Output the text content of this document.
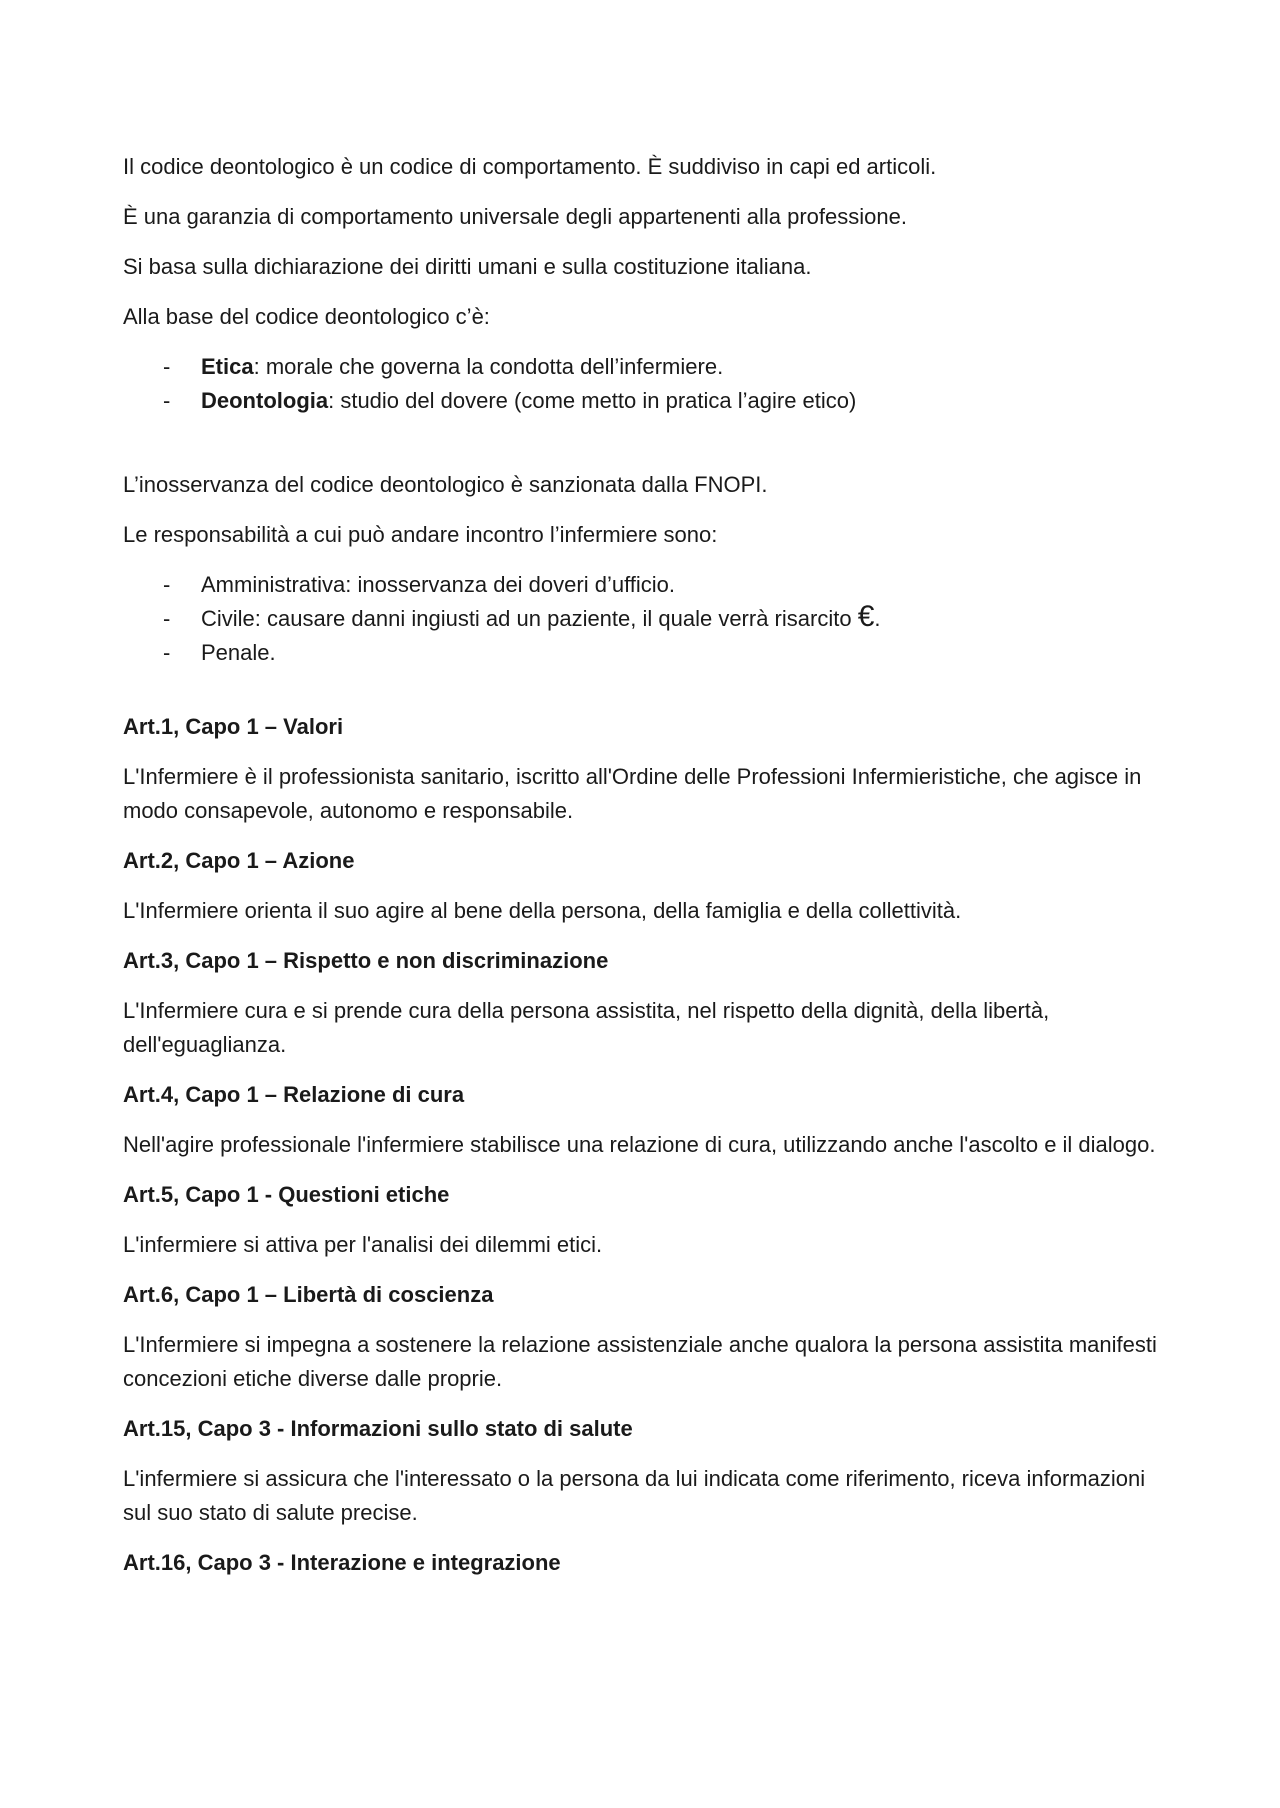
Il codice deontologico è un codice di comportamento. È suddiviso in capi ed articoli.

È una garanzia di comportamento universale degli appartenenti alla professione.

Si basa sulla dichiarazione dei diritti umani e sulla costituzione italiana.

Alla base del codice deontologico c’è:

- Etica: morale che governa la condotta dell’infermiere.
- Deontologia: studio del dovere (come metto in pratica l’agire etico)

L’inosservanza del codice deontologico è sanzionata dalla FNOPI.

Le responsabilità a cui può andare incontro l’infermiere sono:

- Amministrativa: inosservanza dei doveri d’ufficio.
- Civile: causare danni ingiusti ad un paziente, il quale verrà risarcito €.
- Penale.

Art.1, Capo 1 – Valori

L'Infermiere è il professionista sanitario, iscritto all'Ordine delle Professioni Infermieristiche, che agisce in modo consapevole, autonomo e responsabile.

Art.2, Capo 1 – Azione

L'Infermiere orienta il suo agire al bene della persona, della famiglia e della collettività.

Art.3, Capo 1 – Rispetto e non discriminazione

L'Infermiere cura e si prende cura della persona assistita, nel rispetto della dignità, della libertà, dell'eguaglianza.

Art.4, Capo 1 – Relazione di cura

Nell'agire professionale l'infermiere stabilisce una relazione di cura, utilizzando anche l'ascolto e il dialogo.

Art.5, Capo 1 - Questioni etiche

L'infermiere si attiva per l'analisi dei dilemmi etici.

Art.6, Capo 1 – Libertà di coscienza

L'Infermiere si impegna a sostenere la relazione assistenziale anche qualora la persona assistita manifesti concezioni etiche diverse dalle proprie.

Art.15, Capo 3 - Informazioni sullo stato di salute

L'infermiere si assicura che l'interessato o la persona da lui indicata come riferimento, riceva informazioni sul suo stato di salute precise.

Art.16, Capo 3 - Interazione e integrazione
